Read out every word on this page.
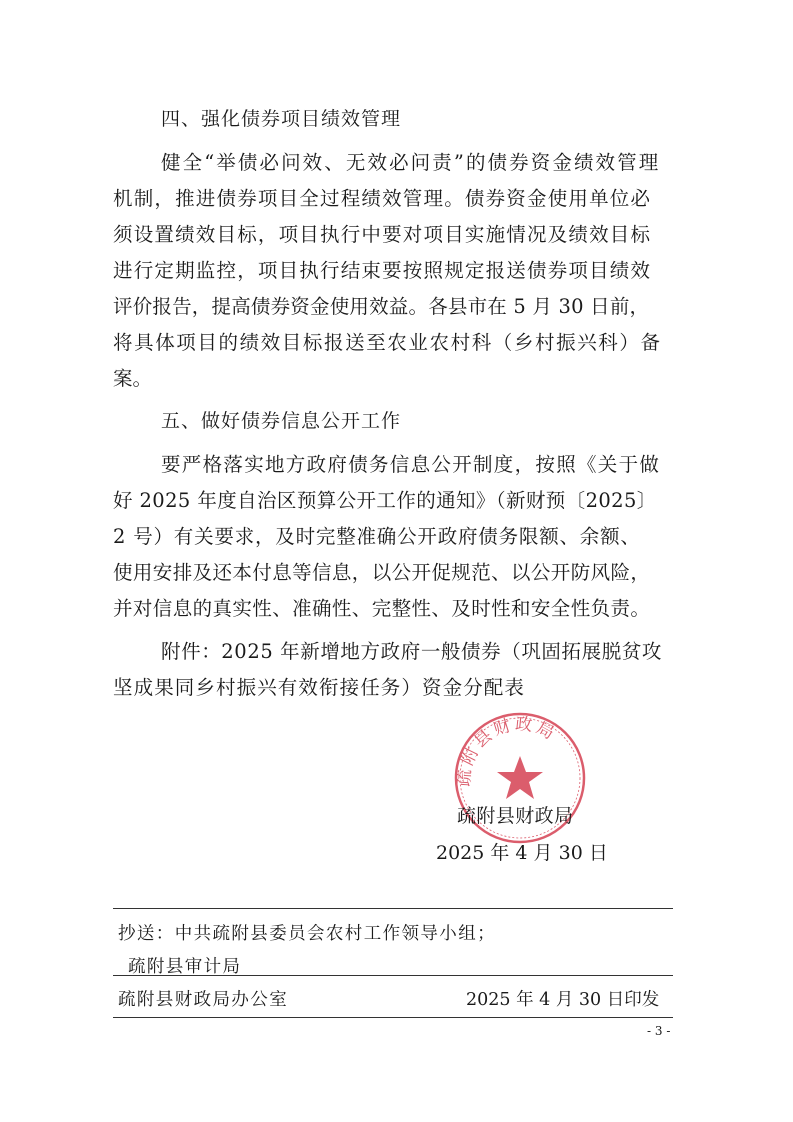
四、强化债券项目绩效管理
健全“举债必问效、无效必问责”的债券资金绩效管理
机制，推进债券项目全过程绩效管理。债券资金使用单位必
须设置绩效目标，项目执行中要对项目实施情况及绩效目标
进行定期监控，项目执行结束要按照规定报送债券项目绩效
评价报告，提高债券资金使用效益。各县市在 5 月 30 日前，
将具体项目的绩效目标报送至农业农村科（乡村振兴科）备
案。
五、做好债券信息公开工作
要严格落实地方政府债务信息公开制度，按照《关于做
好 2025 年度自治区预算公开工作的通知》（新财预〔2025〕
2 号）有关要求，及时完整准确公开政府债务限额、余额、
使用安排及还本付息等信息，以公开促规范、以公开防风险，
并对信息的真实性、准确性、完整性、及时性和安全性负责。
附件：2025 年新增地方政府一般债券（巩固拓展脱贫攻
坚成果同乡村振兴有效衔接任务）资金分配表
疏附县财政局
疏附县财政局
2025 年 4 月 30 日
抄送：中共疏附县委员会农村工作领导小组；
疏附县审计局
疏附县财政局办公室	2025 年 4 月 30 日印发
- 3 -
